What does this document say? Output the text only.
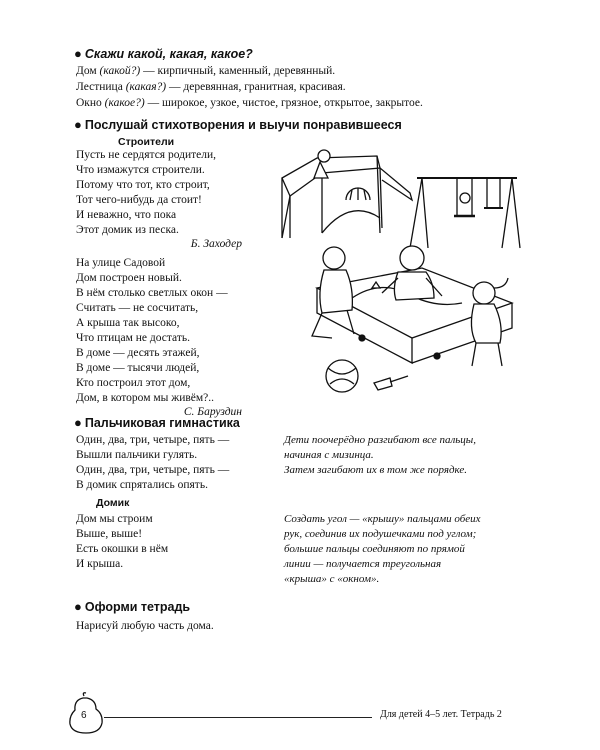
● Скажи какой, какая, какое?
Дом (какой?) — кирпичный, каменный, деревянный.
Лестница (какая?) — деревянная, гранитная, красивая.
Окно (какое?) — широкое, узкое, чистое, грязное, открытое, закрытое.
● Послушай стихотворения и выучи понравившееся
Строители
Пусть не сердятся родители,
Что измажутся строители.
Потому что тот, кто строит,
Тот чего-нибудь да стоит!
И неважно, что пока
Этот домик из песка.
Б. Заходер
На улице Садовой
Дом построен новый.
В нём столько светлых окон —
Считать — не сосчитать,
А крыша так высоко,
Что птицам не достать.
В доме — десять этажей,
В доме — тысячи людей,
Кто построил этот дом,
Дом, в котором мы живём?..
С. Баруздин
● Пальчиковая гимнастика
Один, два, три, четыре, пять —
Вышли пальчики гулять.
Один, два, три, четыре, пять —
В домик спрятались опять.
Дети поочерёдно разгибают все пальцы,
начиная с мизинца.
Затем загибают их в том же порядке.
Домик
Дом мы строим
Выше, выше!
Есть окошки в нём
И крыша.
Создать угол — «крышу» пальцами обеих
рук, соединив их подушечками под углом;
большие пальцы соединяют по прямой
линии — получается треугольная
«крыша» с «окном».
● Оформи тетрадь
Нарисуй любую часть дома.
6	Для детей 4–5 лет. Тетрадь 2
